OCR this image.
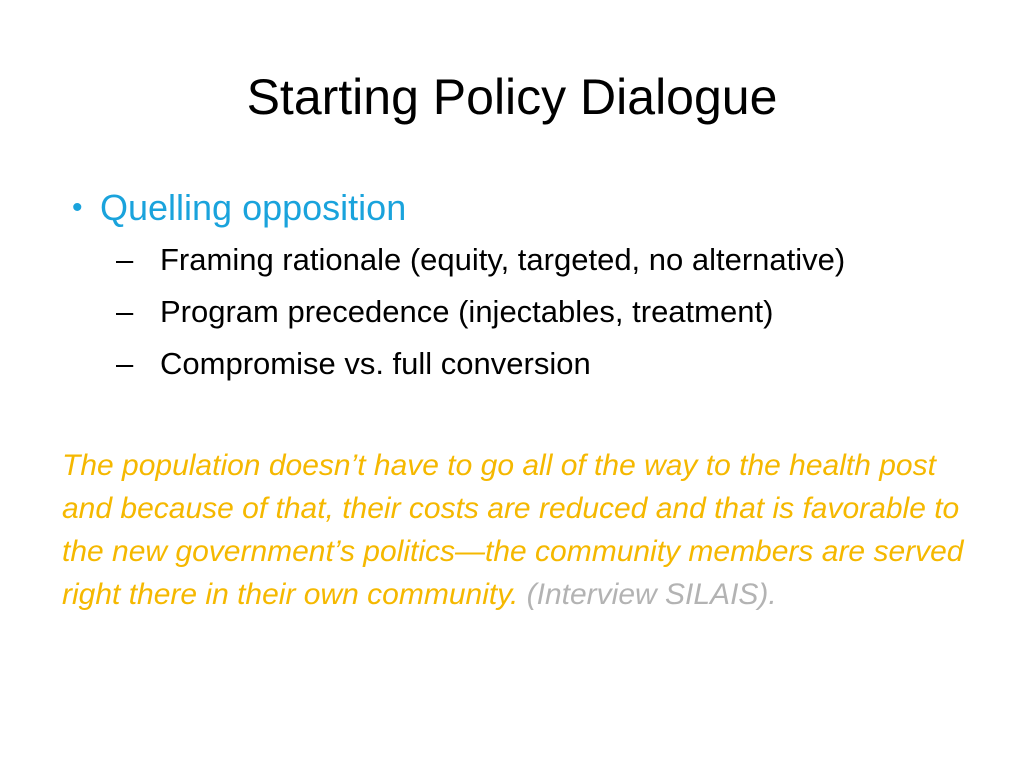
Starting Policy Dialogue
• Quelling opposition
– Framing rationale (equity, targeted, no alternative)
– Program precedence (injectables, treatment)
– Compromise vs. full conversion

The population doesn’t have to go all of the way to the health post and because of that, their costs are reduced and that is favorable to the new government’s politics—the community members are served right there in their own community. (Interview SILAIS).
